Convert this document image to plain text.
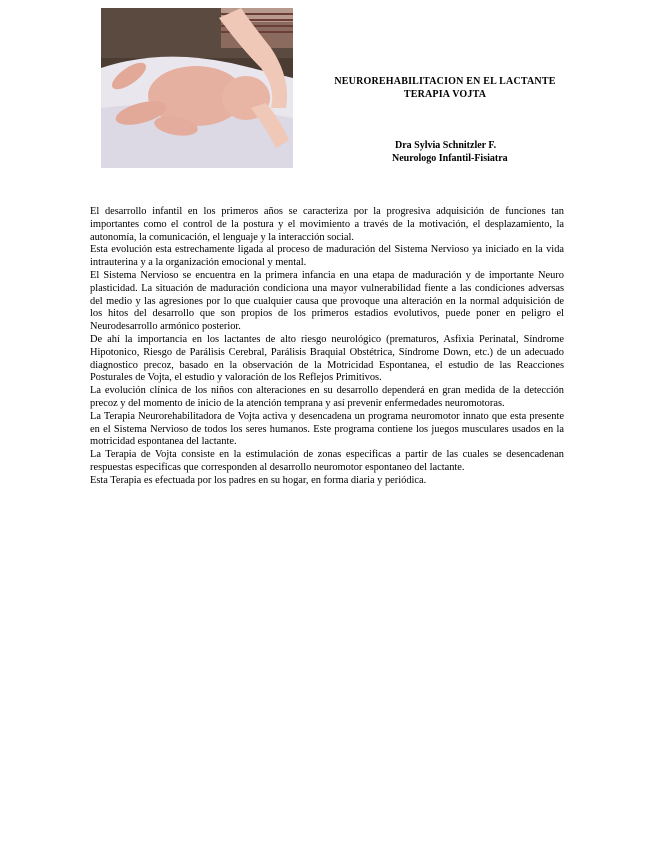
NEUROREHABILITACION EN EL LACTANTE
TERAPIA VOJTA
Dra Sylvia Schnitzler F.
Neurologo Infantil-Fisiatra

El desarrollo infantil en los primeros años se caracteriza por la progresiva adquisición de funciones tan importantes como el control de la postura y el movimiento a través de la motivación, el desplazamiento, la autonomía, la comunicación, el lenguaje y la interacción social.

Esta evolución esta estrechamente ligada al proceso de maduración del Sistema Nervioso ya iniciado en la vida intrauterina y a la organización emocional y mental.

El Sistema Nervioso se encuentra en la primera infancia en una etapa de maduración y de importante Neuro plasticidad. La situación de maduración condiciona una mayor vulnerabilidad fiente a las condiciones adversas del medio y las agresiones por lo que cualquier causa que provoque una alteración en la normal adquisición de los hitos del desarrollo que son propios de los primeros estadios evolutivos, puede poner en peligro el Neurodesarrollo armónico posterior.

De ahí la importancia en los lactantes de alto riesgo neurológico (prematuros, Asfixia Perinatal, Síndrome Hipotonico, Riesgo de Parálisis Cerebral, Parálisis Braquial Obstétrica, Síndrome Down, etc.) de un adecuado diagnostico precoz, basado en la observación de la Motricidad Espontanea, el estudio de las Reacciones Posturales de Vojta, el estudio y valoración de los Reflejos Primitivos.

La evolución clínica de los niños con alteraciones en su desarrollo dependerá en gran medida de la detección precoz y del momento de inicio de la atención temprana y así prevenir enfermedades neuromotoras.

La Terapia Neurorehabilitadora de Vojta activa y desencadena un programa neuromotor innato que esta presente en el Sistema Nervioso de todos los seres humanos. Este programa contiene los juegos musculares usados en la motricidad espontanea del lactante.

La Terapia de Vojta consiste en la estimulación de zonas especificas a partir de las cuales se desencadenan respuestas especificas que corresponden al desarrollo neuromotor espontaneo del lactante.

Esta Terapia es efectuada por los padres en su hogar, en forma diaria y periódica.
